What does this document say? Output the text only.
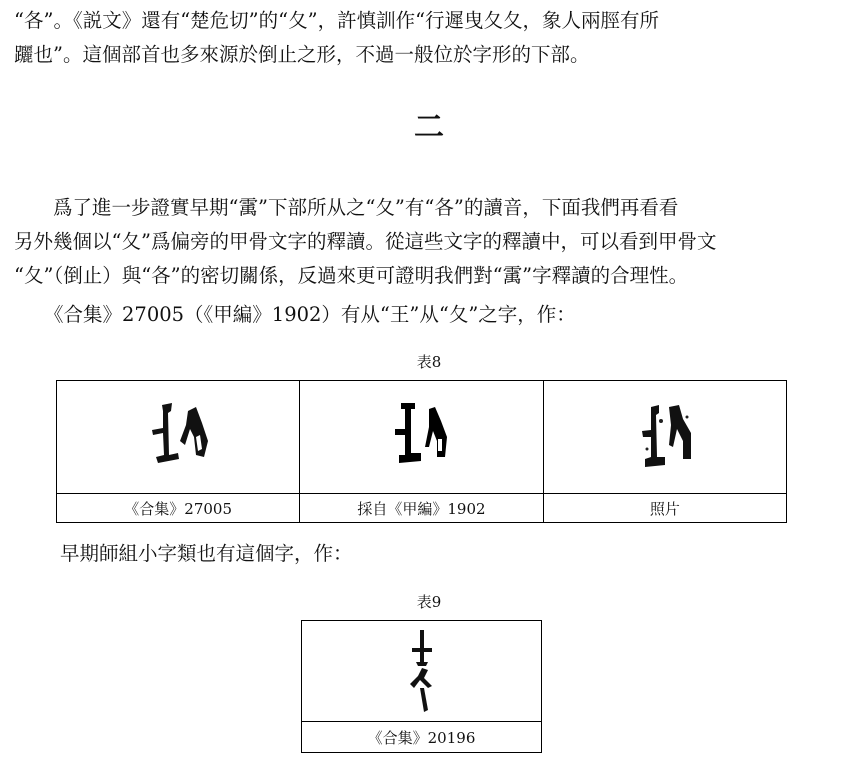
“各”。《説文》還有“楚危切”的“夂”，許慎訓作“行遲曳夂夂，象人兩脛有所
躧也”。這個部首也多來源於倒止之形，不過一般位於字形的下部。

二

　　爲了進一步證實早期“䨞”下部所从之“夂”有“各”的讀音，下面我們再看看
另外幾個以“夂”爲偏旁的甲骨文字的釋讀。從這些文字的釋讀中，可以看到甲骨文
“夂”（倒止）與“各”的密切關係，反過來更可證明我們對“䨞”字釋讀的合理性。

《合集》27005（《甲編》1902）有从“王”从“夂”之字，作：

表8

《合集》27005	採自《甲編》1902	照片

早期師組小字類也有這個字，作：

表9

《合集》20196
